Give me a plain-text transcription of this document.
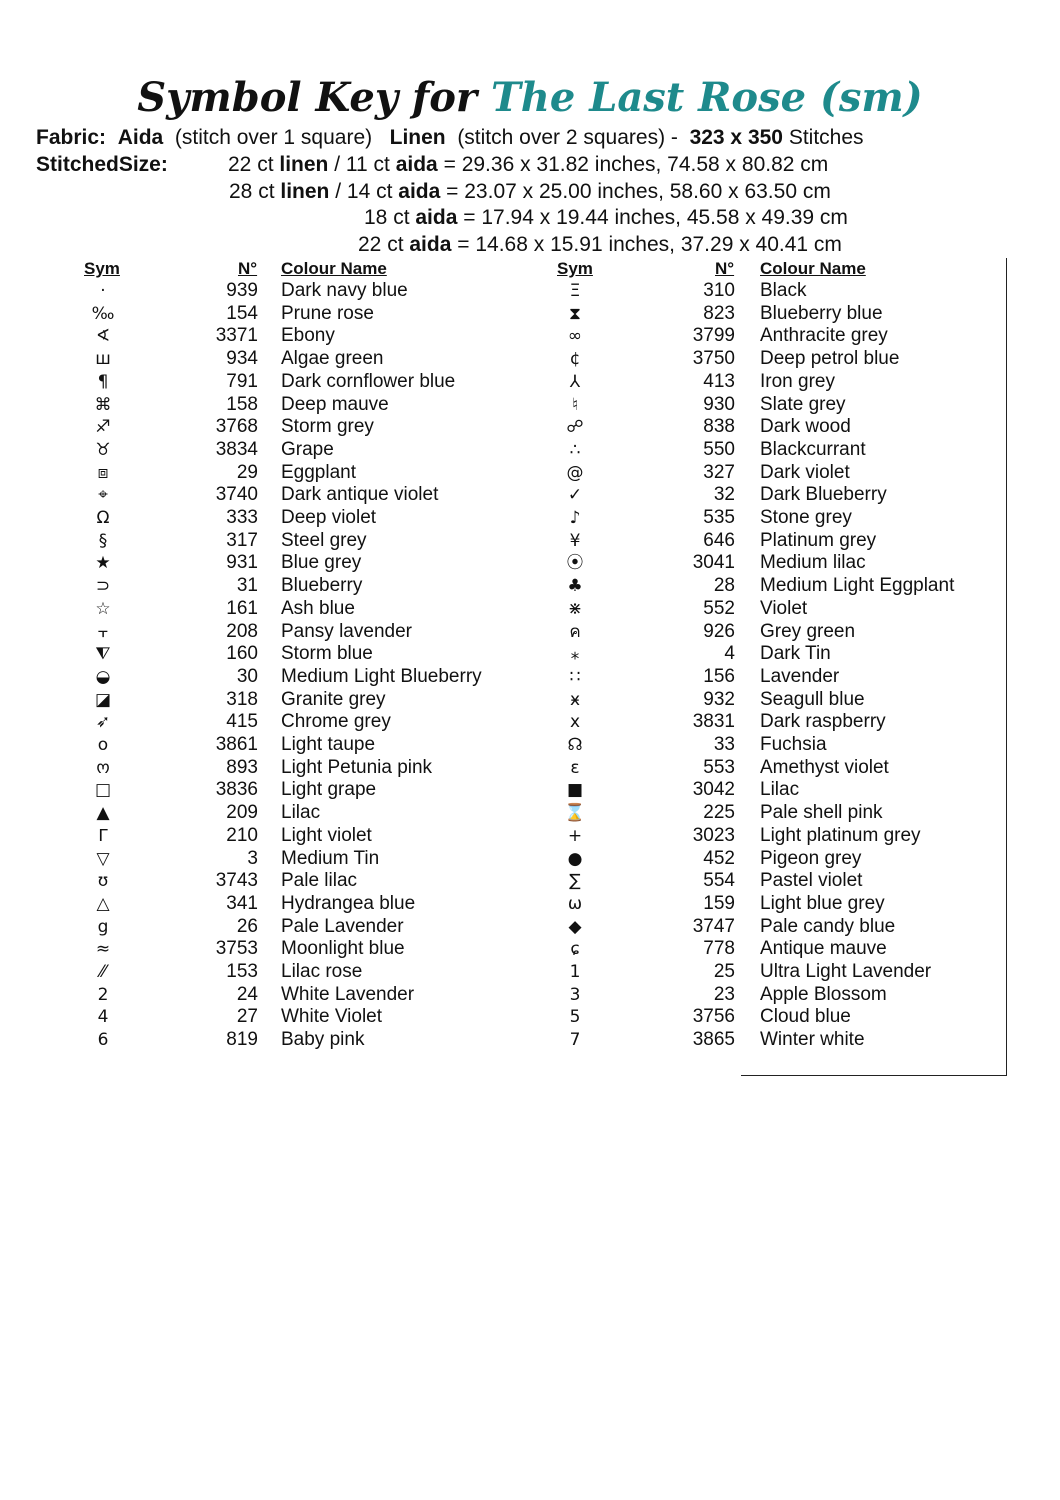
Symbol Key for The Last Rose (sm)
Fabric: Aida (stitch over 1 square) Linen (stitch over 2 squares) - 323 x 350 Stitches
StitchedSize:	22 ct linen / 11 ct aida = 29.36 x 31.82 inches, 74.58 x 80.82 cm
28 ct linen / 14 ct aida = 23.07 x 25.00 inches, 58.60 x 63.50 cm
18 ct aida = 17.94 x 19.44 inches, 45.58 x 49.39 cm
22 ct aida = 14.68 x 15.91 inches, 37.29 x 40.41 cm
Sym	N° Colour Name	Sym	N° Colour Name
·	939 Dark navy blue
‰	154 Prune rose
∢	3371 Ebony
ш	934 Algae green
¶	791 Dark cornflower blue
⌘	158 Deep mauve
♐	3768 Storm grey
♉	3834 Grape
⧈	29 Eggplant
⌖	3740 Dark antique violet
Ω	333 Deep violet
§	317 Steel grey
★	931 Blue grey
⊃	31 Blueberry
☆	161 Ash blue
⫟	208 Pansy lavender
⧨	160 Storm blue
◒	30 Medium Light Blueberry
◪	318 Granite grey
➶	415 Chrome grey
o	3861 Light taupe
ო	893 Light Petunia pink
□	3836 Light grape
▲	209 Lilac
ᒥ	210 Light violet
▽	3 Medium Tin
ʊ	3743 Pale lilac
△	341 Hydrangea blue
g	26 Pale Lavender
≈	3753 Moonlight blue
⁄⁄	153 Lilac rose
2	24 White Lavender
4	27 White Violet
6	819 Baby pink
Ξ	310 Black
⧗	823 Blueberry blue
∞	3799 Anthracite grey
¢	3750 Deep petrol blue
⅄	413 Iron grey
♮	930 Slate grey
☍	838 Dark wood
∴	550 Blackcurrant
@	327 Dark violet
✓	32 Dark Blueberry
♪	535 Stone grey
¥	646 Platinum grey
⦿	3041 Medium lilac
♣	28 Medium Light Eggplant
⋇	552 Violet
ค	926 Grey green
⁎	4 Dark Tin
∷	156 Lavender
ӿ	932 Seagull blue
x	3831 Dark raspberry
☊	33 Fuchsia
ε	553 Amethyst violet
■	3042 Lilac
⌛	225 Pale shell pink
+	3023 Light platinum grey
●	452 Pigeon grey
∑	554 Pastel violet
ω	159 Light blue grey
◆	3747 Pale candy blue
ɕ	778 Antique mauve
1	25 Ultra Light Lavender
3	23 Apple Blossom
5	3756 Cloud blue
7	3865 Winter white
